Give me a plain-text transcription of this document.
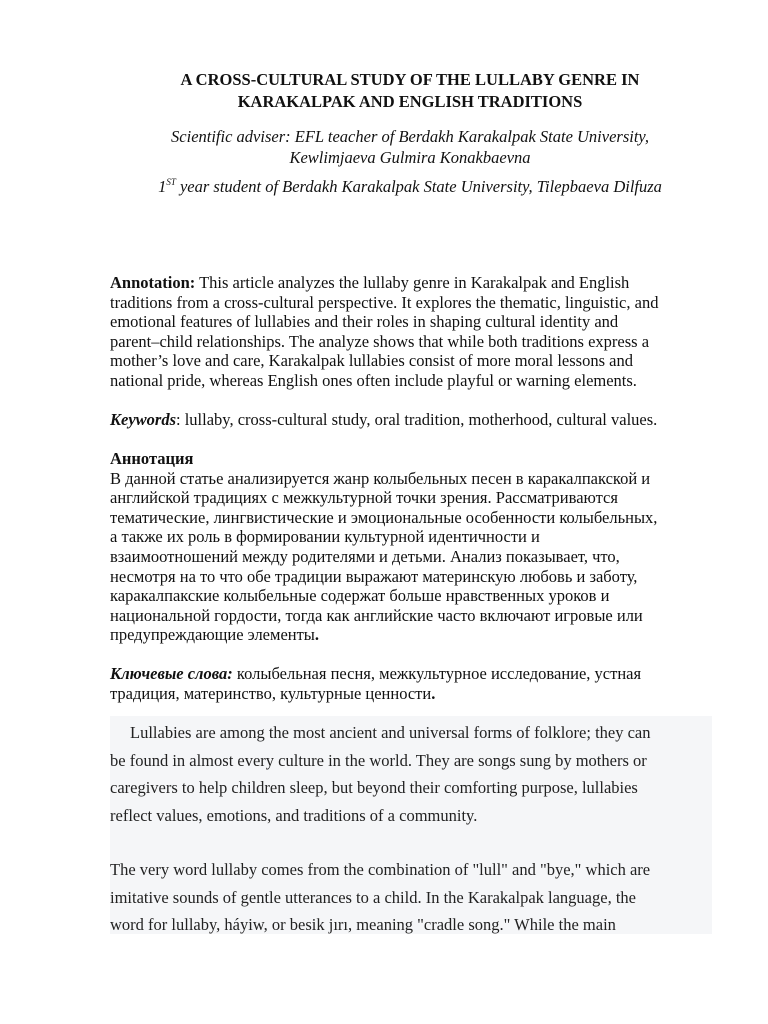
A CROSS-CULTURAL STUDY OF THE LULLABY GENRE IN
KARAKALPAK AND ENGLISH TRADITIONS

Scientific adviser: EFL teacher of Berdakh Karakalpak State University,
Kewlimjaeva Gulmira Konakbaevna

1ST year student of Berdakh Karakalpak State University, Tilepbaeva Dilfuza

Annotation: This article analyzes the lullaby genre in Karakalpak and English
traditions from a cross-cultural perspective. It explores the thematic, linguistic, and
emotional features of lullabies and their roles in shaping cultural identity and
parent–child relationships. The analyze shows that while both traditions express a
mother’s love and care, Karakalpak lullabies consist of more moral lessons and
national pride, whereas English ones often include playful or warning elements.

Keywords: lullaby, cross-cultural study, oral tradition, motherhood, cultural values.

Аннотация
В данной статье анализируется жанр колыбельных песен в каракалпакской и
английской традициях с межкультурной точки зрения. Рассматриваются
тематические, лингвистические и эмоциональные особенности колыбельных,
а также их роль в формировании культурной идентичности и
взаимоотношений между родителями и детьми. Анализ показывает, что,
несмотря на то что обе традиции выражают материнскую любовь и заботу,
каракалпакские колыбельные содержат больше нравственных уроков и
национальной гордости, тогда как английские часто включают игровые или
предупреждающие элементы.

Ключевые слова: колыбельная песня, межкультурное исследование, устная
традиция, материнство, культурные ценности.

Lullabies are among the most ancient and universal forms of folklore; they can
be found in almost every culture in the world. They are songs sung by mothers or
caregivers to help children sleep, but beyond their comforting purpose, lullabies
reflect values, emotions, and traditions of a community.

The very word lullaby comes from the combination of "lull" and "bye," which are
imitative sounds of gentle utterances to a child. In the Karakalpak language, the
word for lullaby, háyiw, or besik jırı, meaning "cradle song." While the main
